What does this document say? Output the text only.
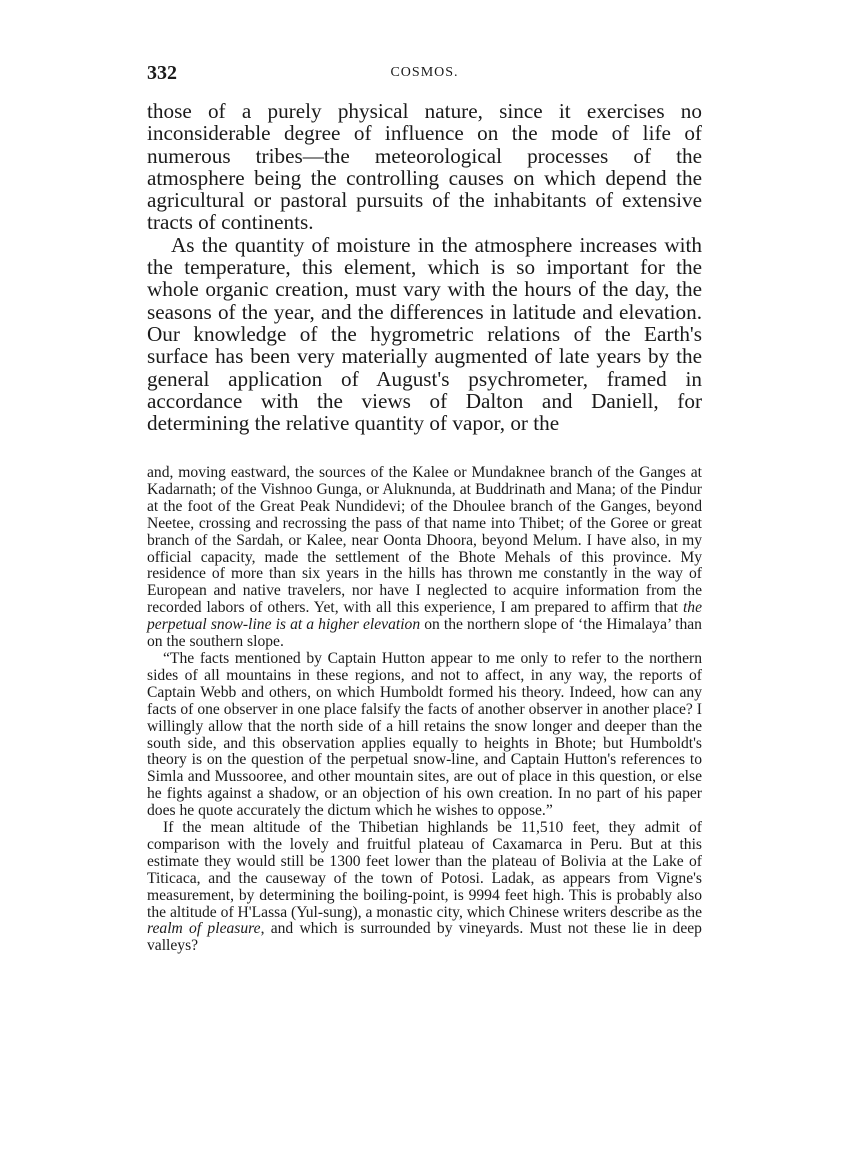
332	COSMOS.

those of a purely physical nature, since it exercises no inconsiderable degree of influence on the mode of life of numerous tribes—the meteorological processes of the atmosphere being the controlling causes on which depend the agricultural or pastoral pursuits of the inhabitants of extensive tracts of continents.

As the quantity of moisture in the atmosphere increases with the temperature, this element, which is so important for the whole organic creation, must vary with the hours of the day, the seasons of the year, and the differences in latitude and elevation. Our knowledge of the hygrometric relations of the Earth's surface has been very materially augmented of late years by the general application of August's psychrometer, framed in accordance with the views of Dalton and Daniell, for determining the relative quantity of vapor, or the

and, moving eastward, the sources of the Kalee or Mundaknee branch of the Ganges at Kadarnath; of the Vishnoo Gunga, or Aluknunda, at Buddrinath and Mana; of the Pindur at the foot of the Great Peak Nundidevi; of the Dhoulee branch of the Ganges, beyond Neetee, crossing and recrossing the pass of that name into Thibet; of the Goree or great branch of the Sardah, or Kalee, near Oonta Dhoora, beyond Melum. I have also, in my official capacity, made the settlement of the Bhote Mehals of this province. My residence of more than six years in the hills has thrown me constantly in the way of European and native travelers, nor have I neglected to acquire information from the recorded labors of others. Yet, with all this experience, I am prepared to affirm that the perpetual snow-line is at a higher elevation on the northern slope of ‘the Himalaya’ than on the southern slope.

“The facts mentioned by Captain Hutton appear to me only to refer to the northern sides of all mountains in these regions, and not to affect, in any way, the reports of Captain Webb and others, on which Humboldt formed his theory. Indeed, how can any facts of one observer in one place falsify the facts of another observer in another place? I willingly allow that the north side of a hill retains the snow longer and deeper than the south side, and this observation applies equally to heights in Bhote; but Humboldt's theory is on the question of the perpetual snow-line, and Captain Hutton's references to Simla and Mussooree, and other mountain sites, are out of place in this question, or else he fights against a shadow, or an objection of his own creation. In no part of his paper does he quote accurately the dictum which he wishes to oppose.”

If the mean altitude of the Thibetian highlands be 11,510 feet, they admit of comparison with the lovely and fruitful plateau of Caxamarca in Peru. But at this estimate they would still be 1300 feet lower than the plateau of Bolivia at the Lake of Titicaca, and the causeway of the town of Potosi. Ladak, as appears from Vigne's measurement, by determining the boiling-point, is 9994 feet high. This is probably also the altitude of H'Lassa (Yul-sung), a monastic city, which Chinese writers describe as the realm of pleasure, and which is surrounded by vineyards. Must not these lie in deep valleys?
